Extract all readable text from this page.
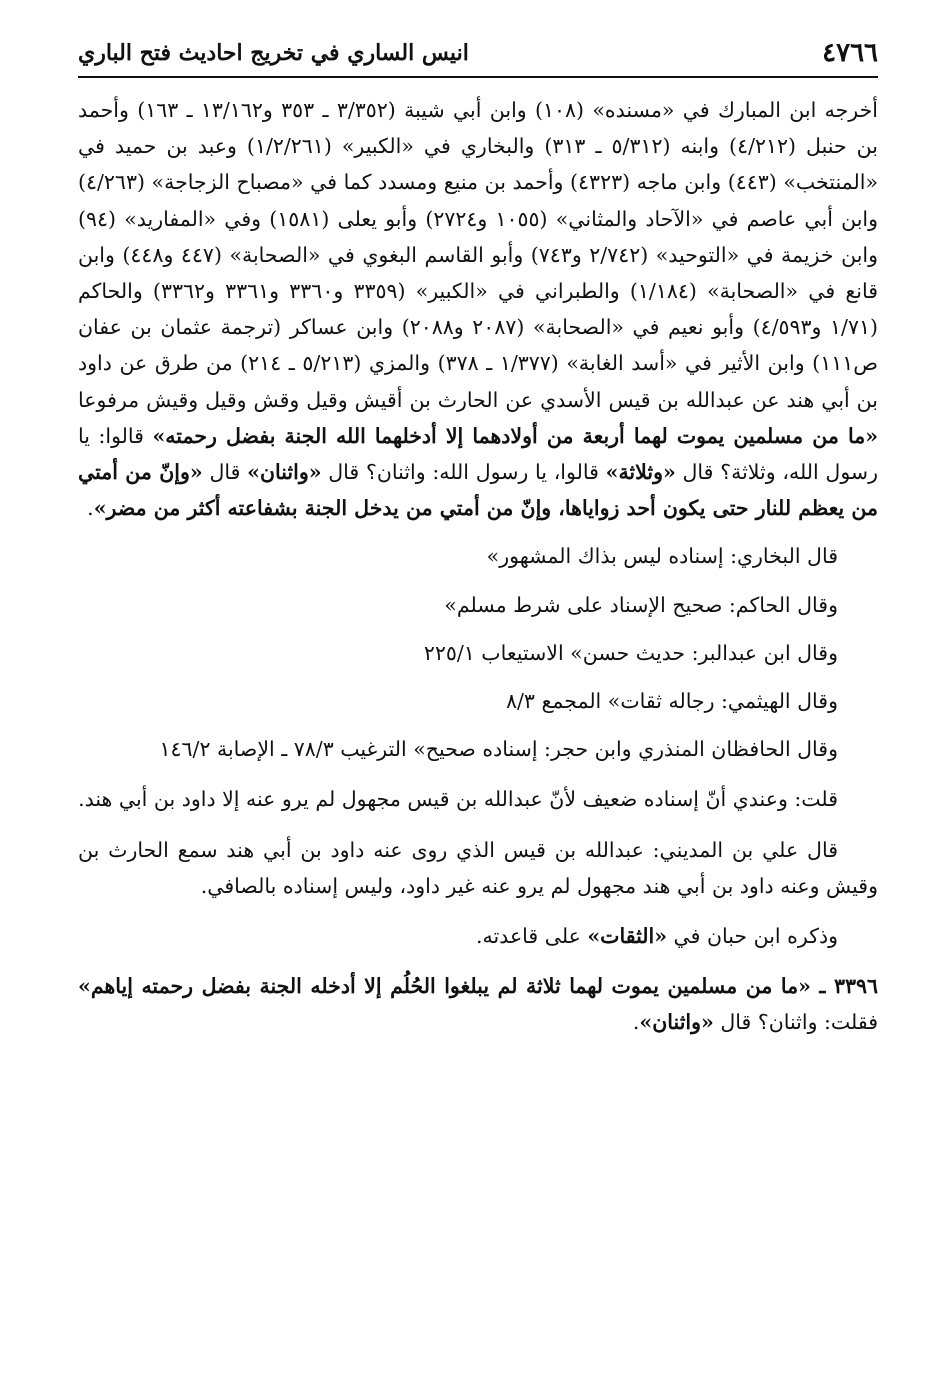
٤٧٦٦
انيس الساري في تخريج احاديث فتح الباري

أخرجه ابن المبارك في «مسنده» (١٠٨) وابن أبي شيبة (٣/٣٥٢ ـ ٣٥٣ و١٣/١٦٢ ـ ١٦٣) وأحمد بن حنبل (٤/٢١٢) وابنه (٥/٣١٢ ـ ٣١٣) والبخاري في «الكبير» (١/٢/٢٦١) وعبد بن حميد في «المنتخب» (٤٤٣) وابن ماجه (٤٣٢٣) وأحمد بن منيع ومسدد كما في «مصباح الزجاجة» (٤/٢٦٣) وابن أبي عاصم في «الآحاد والمثاني» (١٠٥٥ و٢٧٢٤) وأبو يعلى (١٥٨١) وفي «المفاريد» (٩٤) وابن خزيمة في «التوحيد» (٢/٧٤٢ و٧٤٣) وأبو القاسم البغوي في «الصحابة» (٤٤٧ و٤٤٨) وابن قانع في «الصحابة» (١/١٨٤) والطبراني في «الكبير» (٣٣٥٩ و٣٣٦٠ و٣٣٦١ و٣٣٦٢) والحاكم (١/٧١ و٤/٥٩٣) وأبو نعيم في «الصحابة» (٢٠٨٧ و٢٠٨٨) وابن عساكر (ترجمة عثمان بن عفان ص١١١) وابن الأثير في «أسد الغابة» (١/٣٧٧ ـ ٣٧٨) والمزي (٥/٢١٣ ـ ٢١٤) من طرق عن داود بن أبي هند عن عبدالله بن قيس الأسدي عن الحارث بن أقيش وقيل وقش وقيل وقيش مرفوعا «ما من مسلمين يموت لهما أربعة من أولادهما إلا أدخلهما الله الجنة بفضل رحمته» قالوا: يا رسول الله، وثلاثة؟ قال «وثلاثة» قالوا، يا رسول الله: واثنان؟ قال «واثنان» قال «وإنّ من أمتي من يعظم للنار حتى يكون أحد زواياها، وإنّ من أمتي من يدخل الجنة بشفاعته أكثر من مضر».

قال البخاري: إسناده ليس بذاك المشهور»

وقال الحاكم: صحيح الإسناد على شرط مسلم»

وقال ابن عبدالبر: حديث حسن» الاستيعاب ٢٢٥/١

وقال الهيثمي: رجاله ثقات» المجمع ٨/٣

وقال الحافظان المنذري وابن حجر: إسناده صحيح» الترغيب ٧٨/٣ ـ الإصابة ١٤٦/٢

قلت: وعندي أنّ إسناده ضعيف لأنّ عبدالله بن قيس مجهول لم يرو عنه إلا داود بن أبي هند.

قال علي بن المديني: عبدالله بن قيس الذي روى عنه داود بن أبي هند سمع الحارث بن وقيش وعنه داود بن أبي هند مجهول لم يرو عنه غير داود، وليس إسناده بالصافي.

وذكره ابن حبان في «الثقات» على قاعدته.

٣٣٩٦ ـ «ما من مسلمين يموت لهما ثلاثة لم يبلغوا الحُلُم إلا أدخله الجنة بفضل رحمته إياهم» فقلت: واثنان؟ قال «واثنان».
